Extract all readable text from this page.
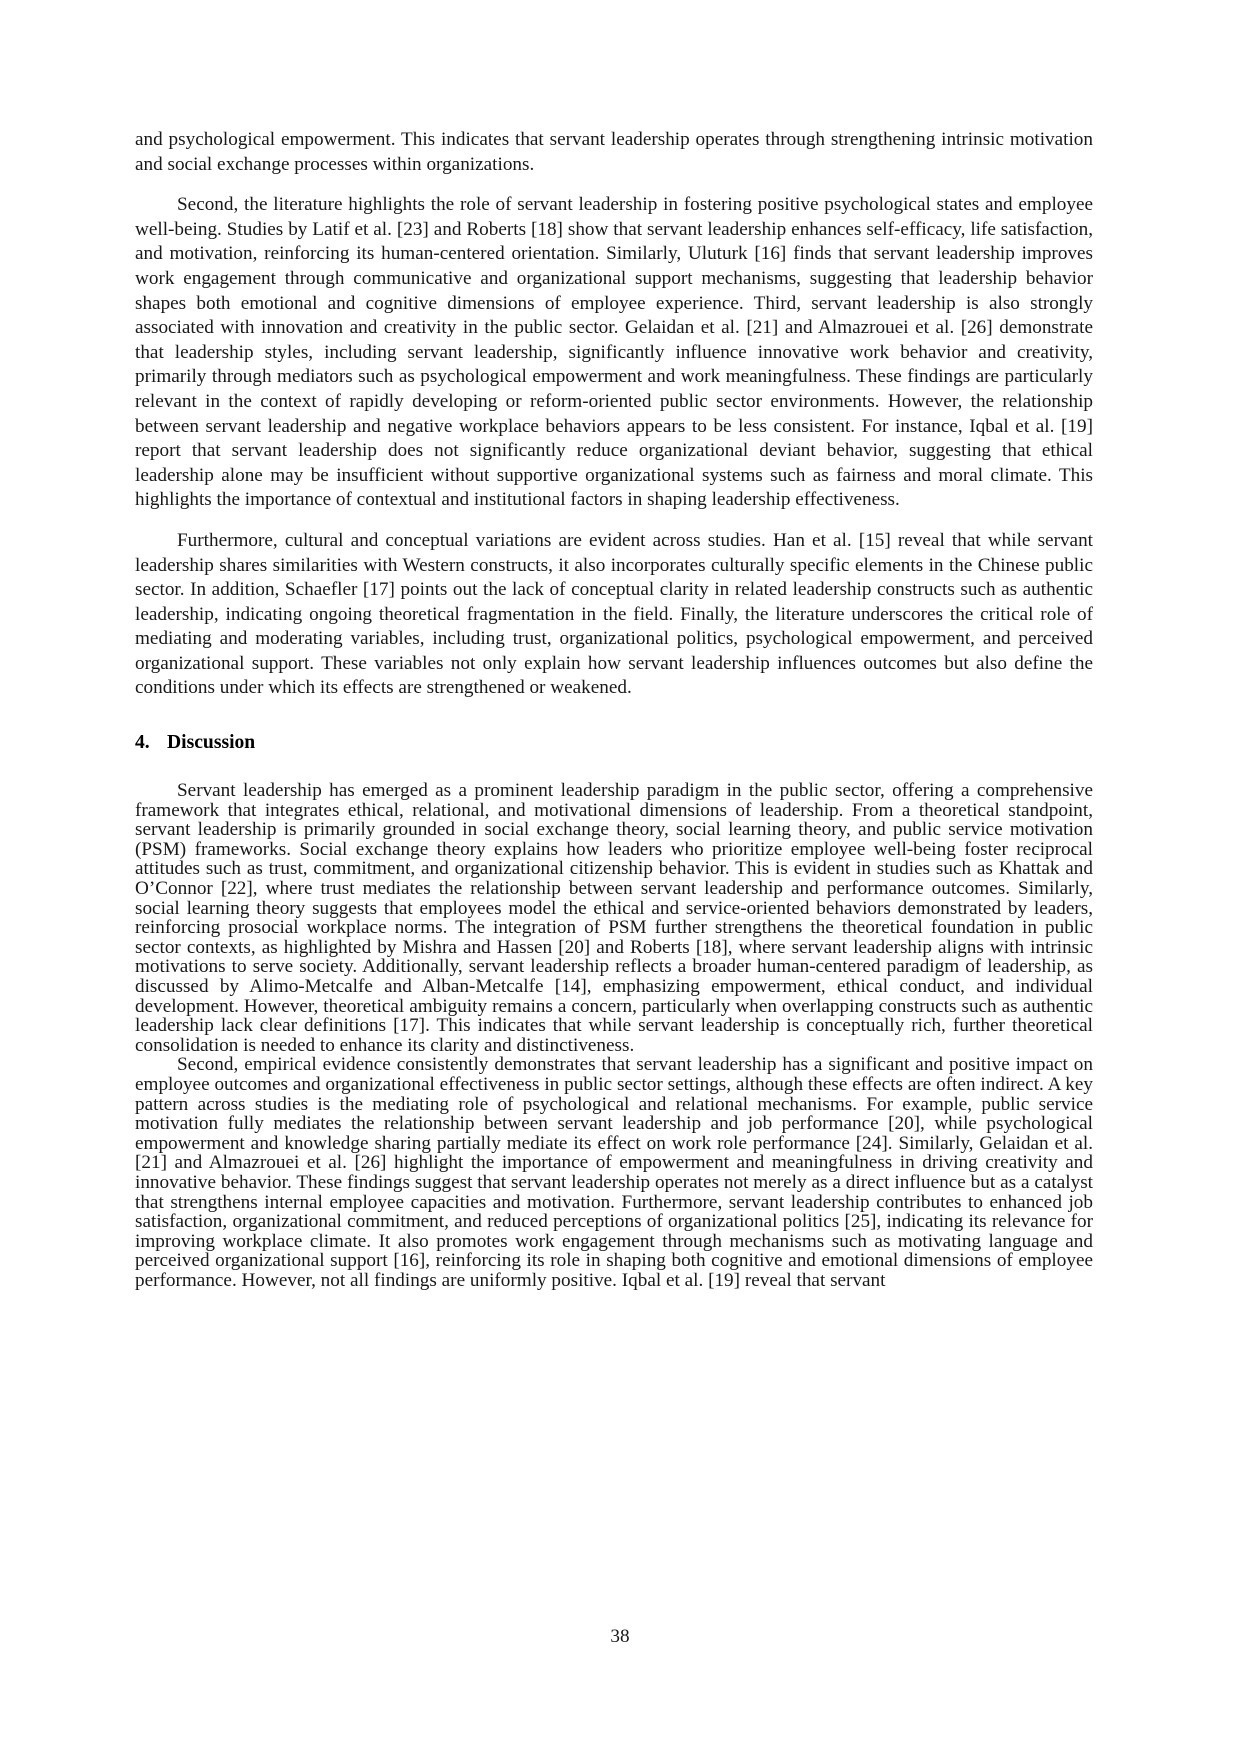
and psychological empowerment. This indicates that servant leadership operates through strengthening intrinsic motivation and social exchange processes within organizations.

Second, the literature highlights the role of servant leadership in fostering positive psychological states and employee well-being. Studies by Latif et al. [23] and Roberts [18] show that servant leadership enhances self-efficacy, life satisfaction, and motivation, reinforcing its human-centered orientation. Similarly, Uluturk [16] finds that servant leadership improves work engagement through communicative and organizational support mechanisms, suggesting that leadership behavior shapes both emotional and cognitive dimensions of employee experience. Third, servant leadership is also strongly associated with innovation and creativity in the public sector. Gelaidan et al. [21] and Almazrouei et al. [26] demonstrate that leadership styles, including servant leadership, significantly influence innovative work behavior and creativity, primarily through mediators such as psychological empowerment and work meaningfulness. These findings are particularly relevant in the context of rapidly developing or reform-oriented public sector environments. However, the relationship between servant leadership and negative workplace behaviors appears to be less consistent. For instance, Iqbal et al. [19] report that servant leadership does not significantly reduce organizational deviant behavior, suggesting that ethical leadership alone may be insufficient without supportive organizational systems such as fairness and moral climate. This highlights the importance of contextual and institutional factors in shaping leadership effectiveness.

Furthermore, cultural and conceptual variations are evident across studies. Han et al. [15] reveal that while servant leadership shares similarities with Western constructs, it also incorporates culturally specific elements in the Chinese public sector. In addition, Schaefler [17] points out the lack of conceptual clarity in related leadership constructs such as authentic leadership, indicating ongoing theoretical fragmentation in the field. Finally, the literature underscores the critical role of mediating and moderating variables, including trust, organizational politics, psychological empowerment, and perceived organizational support. These variables not only explain how servant leadership influences outcomes but also define the conditions under which its effects are strengthened or weakened.

4. Discussion

Servant leadership has emerged as a prominent leadership paradigm in the public sector, offering a comprehensive framework that integrates ethical, relational, and motivational dimensions of leadership. From a theoretical standpoint, servant leadership is primarily grounded in social exchange theory, social learning theory, and public service motivation (PSM) frameworks. Social exchange theory explains how leaders who prioritize employee well-being foster reciprocal attitudes such as trust, commitment, and organizational citizenship behavior. This is evident in studies such as Khattak and O’Connor [22], where trust mediates the relationship between servant leadership and performance outcomes. Similarly, social learning theory suggests that employees model the ethical and service-oriented behaviors demonstrated by leaders, reinforcing prosocial workplace norms. The integration of PSM further strengthens the theoretical foundation in public sector contexts, as highlighted by Mishra and Hassen [20] and Roberts [18], where servant leadership aligns with intrinsic motivations to serve society. Additionally, servant leadership reflects a broader human-centered paradigm of leadership, as discussed by Alimo-Metcalfe and Alban-Metcalfe [14], emphasizing empowerment, ethical conduct, and individual development. However, theoretical ambiguity remains a concern, particularly when overlapping constructs such as authentic leadership lack clear definitions [17]. This indicates that while servant leadership is conceptually rich, further theoretical consolidation is needed to enhance its clarity and distinctiveness.

Second, empirical evidence consistently demonstrates that servant leadership has a significant and positive impact on employee outcomes and organizational effectiveness in public sector settings, although these effects are often indirect. A key pattern across studies is the mediating role of psychological and relational mechanisms. For example, public service motivation fully mediates the relationship between servant leadership and job performance [20], while psychological empowerment and knowledge sharing partially mediate its effect on work role performance [24]. Similarly, Gelaidan et al. [21] and Almazrouei et al. [26] highlight the importance of empowerment and meaningfulness in driving creativity and innovative behavior. These findings suggest that servant leadership operates not merely as a direct influence but as a catalyst that strengthens internal employee capacities and motivation. Furthermore, servant leadership contributes to enhanced job satisfaction, organizational commitment, and reduced perceptions of organizational politics [25], indicating its relevance for improving workplace climate. It also promotes work engagement through mechanisms such as motivating language and perceived organizational support [16], reinforcing its role in shaping both cognitive and emotional dimensions of employee performance. However, not all findings are uniformly positive. Iqbal et al. [19] reveal that servant

38
